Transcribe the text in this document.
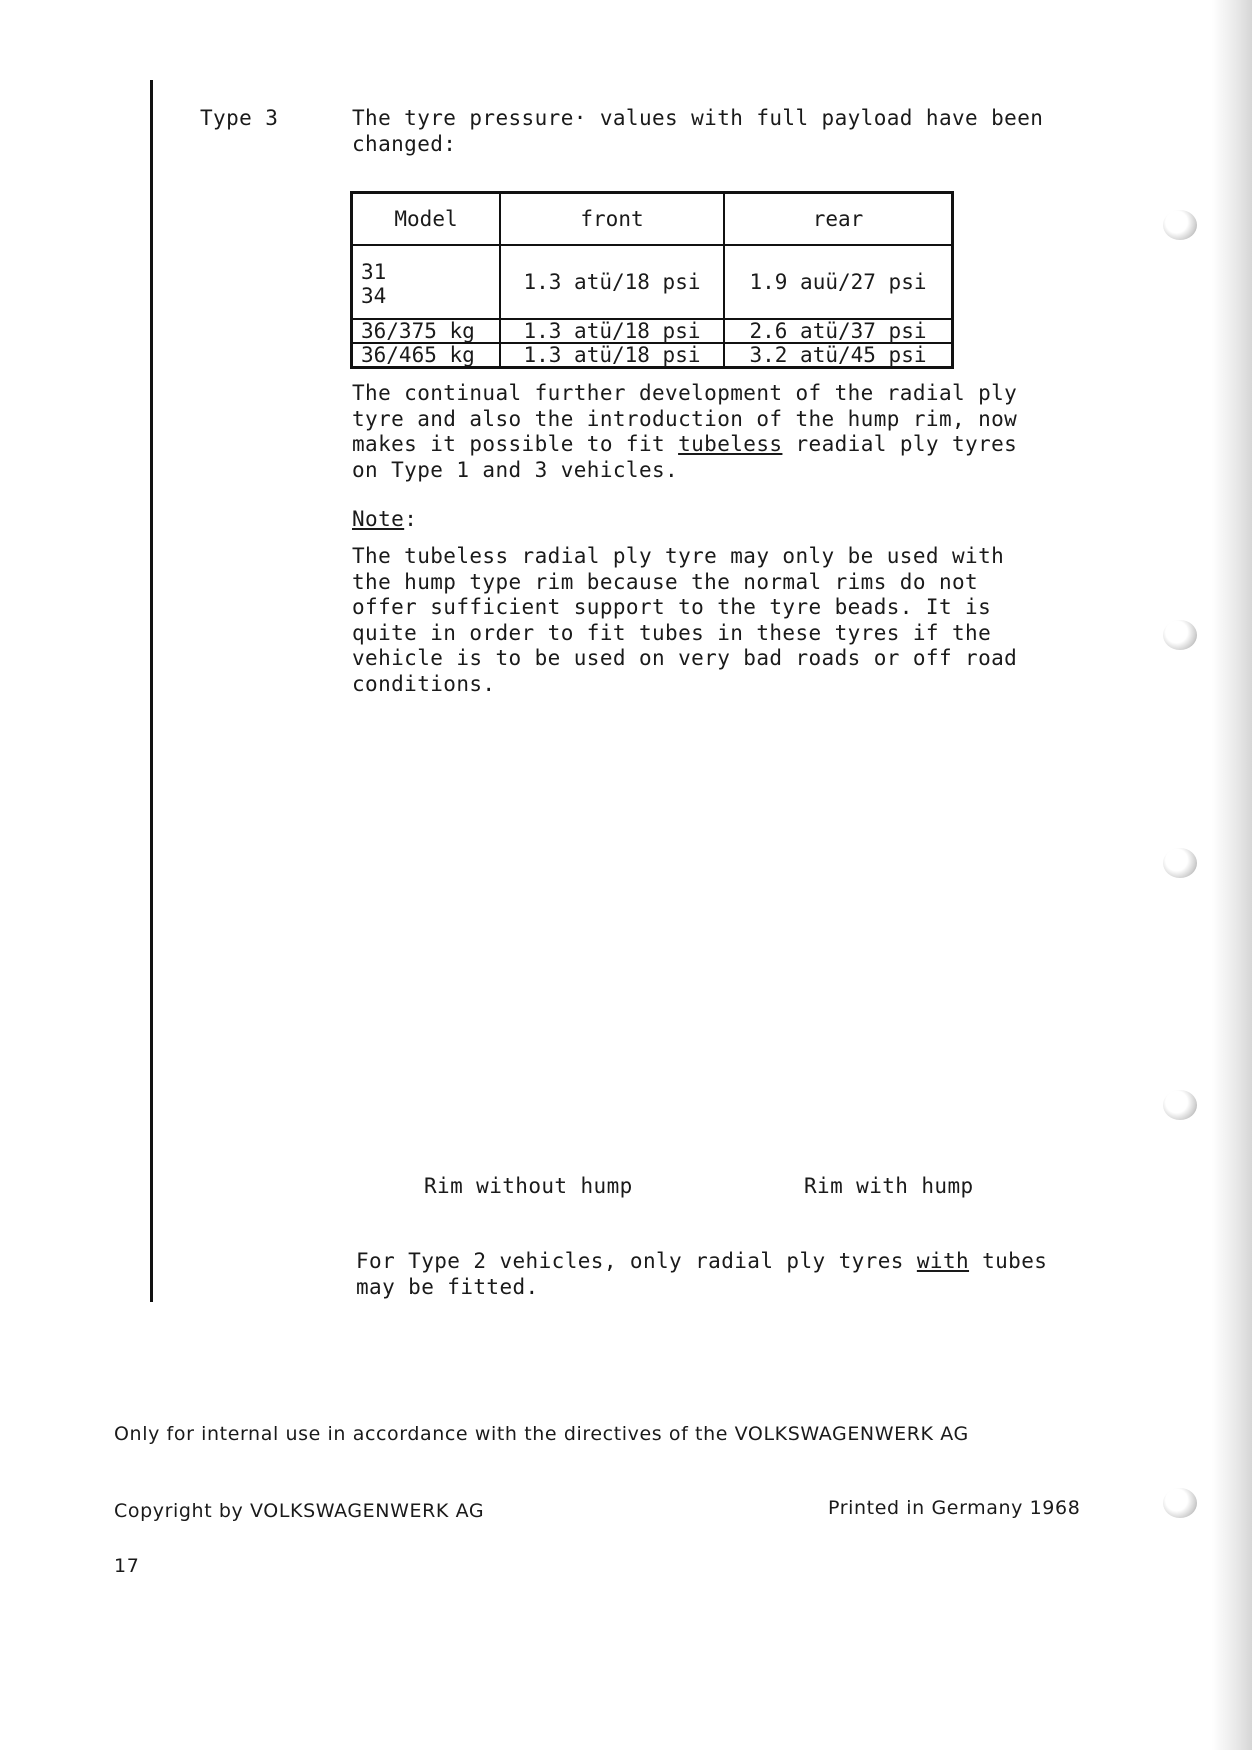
Type 3	The tyre pressure· values with full payload have been
changed:
Model	front	rear
31
34	1.3 atü/18 psi	1.9 auü/27 psi
36/375 kg	1.3 atü/18 psi	2.6 atü/37 psi
36/465 kg	1.3 atü/18 psi	3.2 atü/45 psi
The continual further development of the radial ply
tyre and also the introduction of the hump rim, now
makes it possible to fit tubeless readial ply tyres
on Type 1 and 3 vehicles.
Note:
The tubeless radial ply tyre may only be used with
the hump type rim because the normal rims do not
offer sufficient support to the tyre beads. It is
quite in order to fit tubes in these tyres if the
vehicle is to be used on very bad roads or off road
conditions.
Rim without hump	Rim with hump
For Type 2 vehicles, only radial ply tyres with tubes
may be fitted.
Only for internal use in accordance with the directives of the VOLKSWAGENWERK AG
Copyright by VOLKSWAGENWERK AG	Printed in Germany 1968
17
